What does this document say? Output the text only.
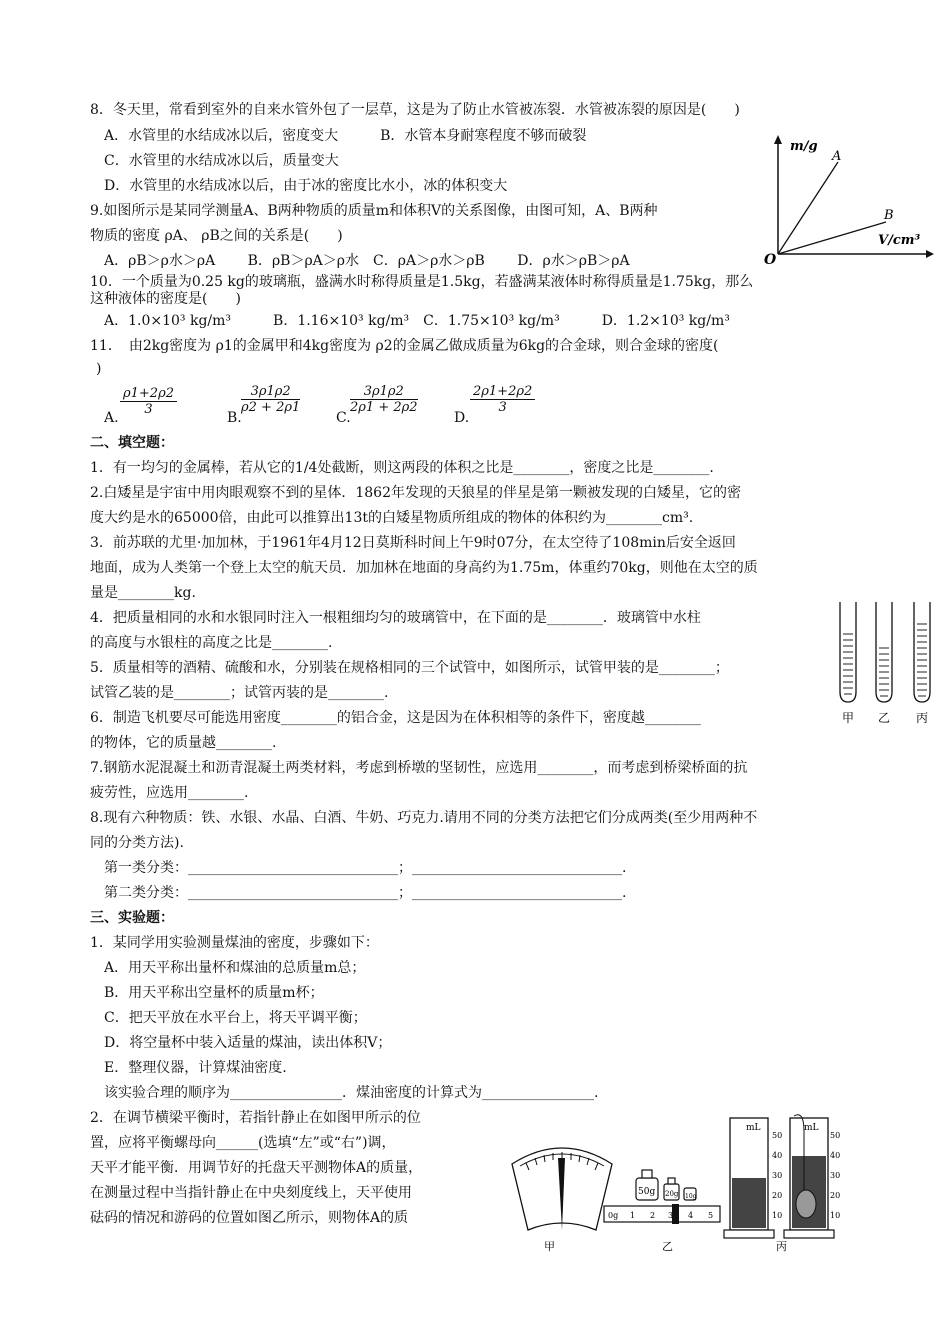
8．冬天里，常看到室外的自来水管外包了一层草，这是为了防止水管被冻裂．水管被冻裂的原因是(　　)
A．水管里的水结成冰以后，密度变大　　　B．水管本身耐寒程度不够而破裂
C．水管里的水结成冰以后，质量变大
D．水管里的水结成冰以后，由于冰的密度比水小，冰的体积变大
9.如图所示是某同学测量A、B两种物质的质量m和体积V的关系图像，由图可知，A、B两种
物质的密度 ρA、 ρB之间的关系是(　　)
A．ρB＞ρ水＞ρA　　 B．ρB＞ρA＞ρ水　C．ρA＞ρ水＞ρB　　 D．ρ水＞ρB＞ρA
10．一个质量为0.25 kg的玻璃瓶，盛满水时称得质量是1.5kg，若盛满某液体时称得质量是1.75kg，那么
这种液体的密度是(　　)
A．1.0×10³ kg/m³　　　B．1.16×10³ kg/m³　C．1.75×10³ kg/m³　　　D．1.2×10³ kg/m³
11．　由2kg密度为 ρ1的金属甲和4kg密度为 ρ2的金属乙做成质量为6kg的合金球，则合金球的密度(
)
A.
$\frac{\rho 1+2\rho 2}{3}$
B.
$\frac{3\rho 1\rho 2}{\rho 2 + 2\rho 1}$
C.
$\frac{3\rho 1\rho 2}{2\rho 1 + 2\rho 2}$
D.
$\frac{2\rho 1+2\rho 2}{3}$
二、填空题：
1．有一均匀的金属棒，若从它的1/4处截断，则这两段的体积之比是________，密度之比是________.
2.白矮星是宇宙中用肉眼观察不到的星体．1862年发现的天狼星的伴星是第一颗被发现的白矮星，它的密
度大约是水的65000倍，由此可以推算出13t的白矮星物质所组成的物体的体积约为________cm³.
3．前苏联的尤里·加加林，于1961年4月12日莫斯科时间上午9时07分，在太空待了108min后安全返回
地面，成为人类第一个登上太空的航天员．加加林在地面的身高约为1.75m，体重约70kg，则他在太空的质
量是________kg.
4．把质量相同的水和水银同时注入一根粗细均匀的玻璃管中，在下面的是________．玻璃管中水柱
的高度与水银柱的高度之比是________.
5．质量相等的酒精、硫酸和水，分别装在规格相同的三个试管中，如图所示，试管甲装的是________；
试管乙装的是________；试管丙装的是________.
6．制造飞机要尽可能选用密度________的铝合金，这是因为在体积相等的条件下，密度越________
的物体，它的质量越________.
7.钢筋水泥混凝土和沥青混凝土两类材料，考虑到桥墩的坚韧性，应选用________，而考虑到桥梁桥面的抗
疲劳性，应选用________.
8.现有六种物质：铁、水银、水晶、白酒、牛奶、巧克力.请用不同的分类方法把它们分成两类(至少用两种不
同的分类方法).
第一类分类：______________________________；______________________________.
第二类分类：______________________________；______________________________.
三、实验题：
1．某同学用实验测量煤油的密度，步骤如下：
A．用天平称出量杯和煤油的总质量m总；
B．用天平称出空量杯的质量m杯；
C．把天平放在水平台上，将天平调平衡；
D．将空量杯中装入适量的煤油，读出体积V；
E．整理仪器，计算煤油密度.
该实验合理的顺序为________________．煤油密度的计算式为________________.
2．在调节横梁平衡时，若指针静止在如图甲所示的位
置，应将平衡螺母向______(选填“左”或“右”)调，
天平才能平衡．用调节好的托盘天平测物体A的质量，
在测量过程中当指针静止在中央刻度线上，天平使用
砝码的情况和游码的位置如图乙所示，则物体A的质
m/g
V/cm³
O
A
B
甲 乙 丙
甲
50g 20g 10g
0g 1 2 3 4 5
乙
mL	mL
50
40
30
20
10
50
40
30
20
10
丙
